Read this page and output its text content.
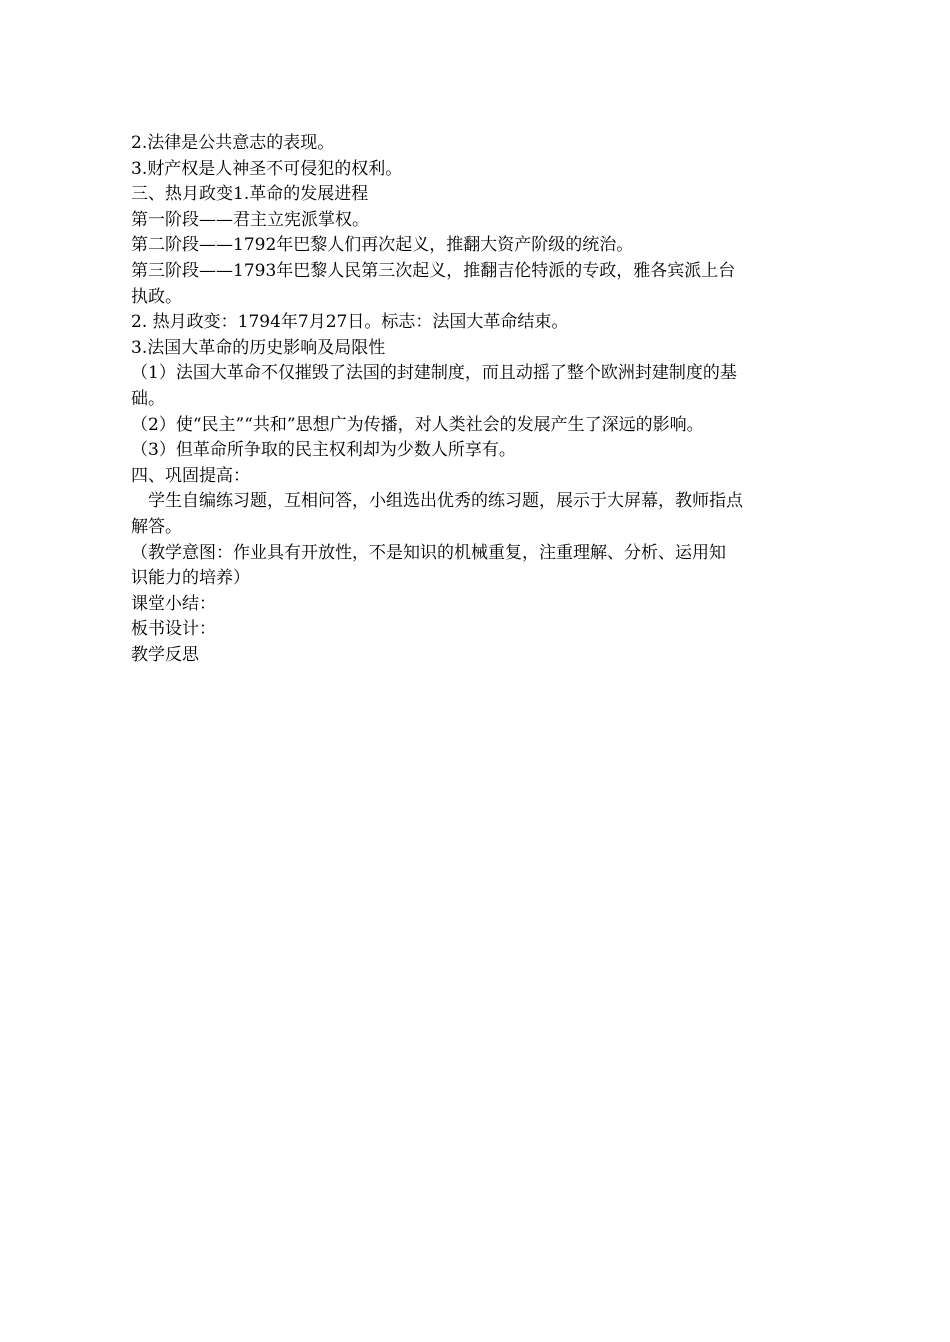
2.法律是公共意志的表现。
3.财产权是人神圣不可侵犯的权利。
三、热月政变1.革命的发展进程
第一阶段——君主立宪派掌权。
第二阶段——1792年巴黎人们再次起义，推翻大资产阶级的统治。
第三阶段——1793年巴黎人民第三次起义，推翻吉伦特派的专政，雅各宾派上台
执政。
2. 热月政变：1794年7月27日。标志：法国大革命结束。
3.法国大革命的历史影响及局限性
（1）法国大革命不仅摧毁了法国的封建制度，而且动摇了整个欧洲封建制度的基
础。
（2）使“民主”“共和”思想广为传播，对人类社会的发展产生了深远的影响。
（3）但革命所争取的民主权利却为少数人所享有。
四、巩固提高：
学生自编练习题，互相问答，小组选出优秀的练习题，展示于大屏幕，教师指点
解答。
（教学意图：作业具有开放性，不是知识的机械重复，注重理解、分析、运用知
识能力的培养）
课堂小结：
板书设计：
教学反思
